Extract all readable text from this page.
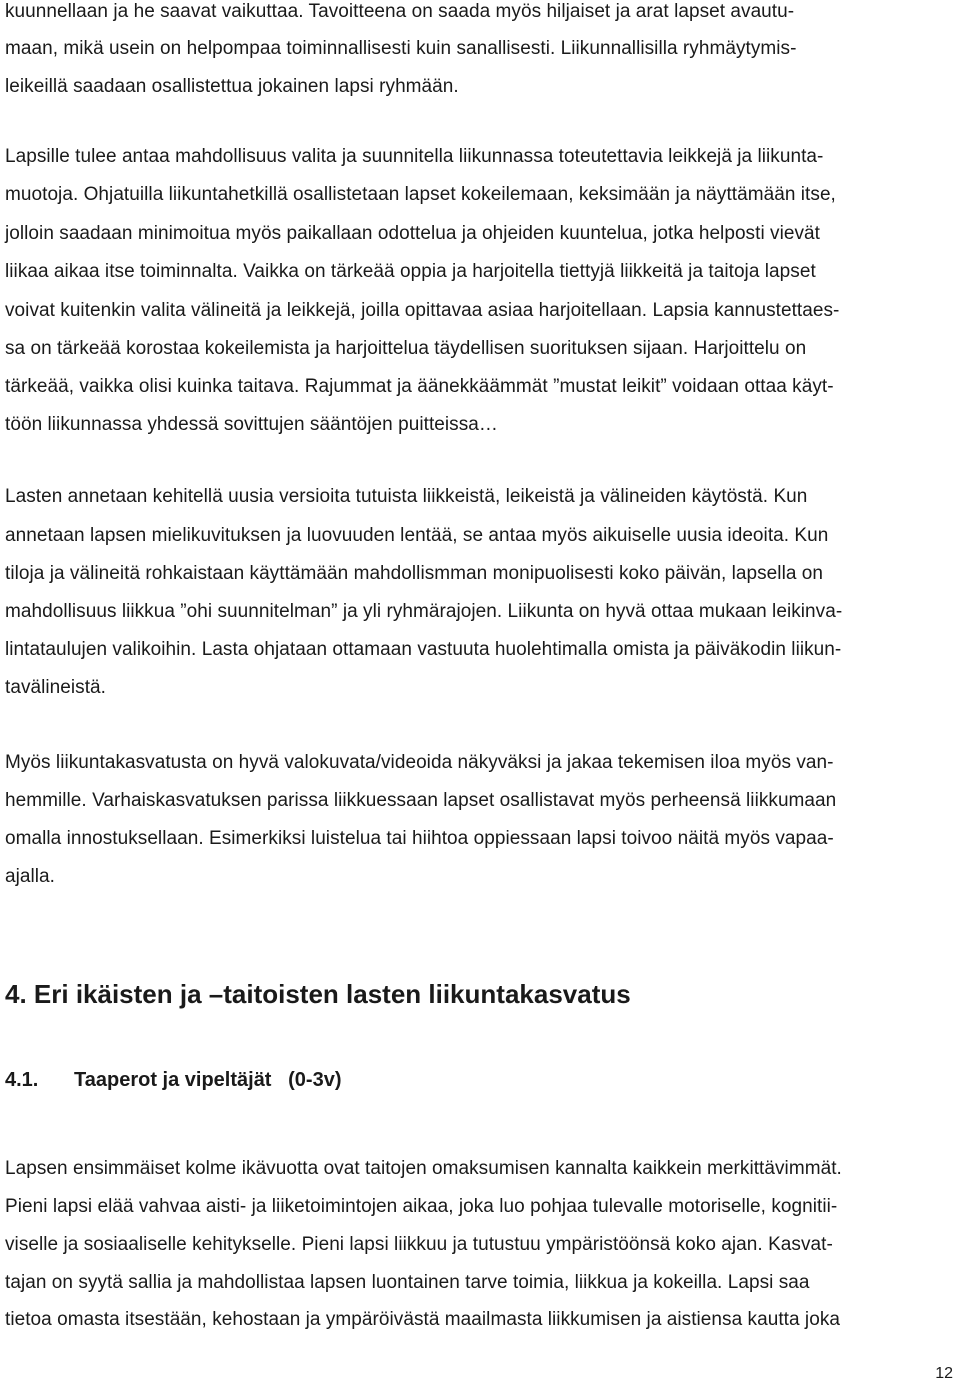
kuunnellaan ja he saavat vaikuttaa. Tavoitteena on saada myös hiljaiset ja arat lapset avautu-
maan, mikä usein on helpompaa toiminnallisesti kuin sanallisesti. Liikunnallisilla ryhmäytymis-
leikeillä saadaan osallistettua jokainen lapsi ryhmään.
Lapsille tulee antaa mahdollisuus valita ja suunnitella liikunnassa toteutettavia leikkejä ja liikunta-
muotoja. Ohjatuilla liikuntahetkillä osallistetaan lapset kokeilemaan, keksimään ja näyttämään itse,
jolloin saadaan minimoitua myös paikallaan odottelua ja ohjeiden kuuntelua, jotka helposti vievät
liikaa aikaa itse toiminnalta. Vaikka on tärkeää oppia ja harjoitella tiettyjä liikkeitä ja taitoja lapset
voivat kuitenkin valita välineitä ja leikkejä, joilla opittavaa asiaa harjoitellaan. Lapsia kannustettaes-
sa on tärkeää korostaa kokeilemista ja harjoittelua täydellisen suorituksen sijaan. Harjoittelu on
tärkeää, vaikka olisi kuinka taitava. Rajummat ja äänekkäämmät ”mustat leikit” voidaan ottaa käyt-
töön liikunnassa yhdessä sovittujen sääntöjen puitteissa…
Lasten annetaan kehitellä uusia versioita tutuista liikkeistä, leikeistä ja välineiden käytöstä. Kun
annetaan lapsen mielikuvituksen ja luovuuden lentää, se antaa myös aikuiselle uusia ideoita. Kun
tiloja ja välineitä rohkaistaan käyttämään mahdollismman monipuolisesti koko päivän, lapsella on
mahdollisuus liikkua ”ohi suunnitelman” ja yli ryhmärajojen. Liikunta on hyvä ottaa mukaan leikinva-
lintataulujen valikoihin. Lasta ohjataan ottamaan vastuuta huolehtimalla omista ja päiväkodin liikun-
tavälineistä.
Myös liikuntakasvatusta on hyvä valokuvata/videoida näkyväksi ja jakaa tekemisen iloa myös van-
hemmille. Varhaiskasvatuksen parissa liikkuessaan lapset osallistavat myös perheensä liikkumaan
omalla innostuksellaan. Esimerkiksi luistelua tai hiihtoa oppiessaan lapsi toivoo näitä myös vapaa-
ajalla.
4. Eri ikäisten ja –taitoisten lasten liikuntakasvatus
4.1. Taaperot ja vipeltäjät   (0-3v)
Lapsen ensimmäiset kolme ikävuotta ovat taitojen omaksumisen kannalta kaikkein merkittävimmät.
Pieni lapsi elää vahvaa aisti- ja liiketoimintojen aikaa, joka luo pohjaa tulevalle motoriselle, kognitii-
viselle ja sosiaaliselle kehitykselle. Pieni lapsi liikkuu ja tutustuu ympäristöönsä koko ajan. Kasvat-
tajan on syytä sallia ja mahdollistaa lapsen luontainen tarve toimia, liikkua ja kokeilla. Lapsi saa
tietoa omasta itsestään, kehostaan ja ympäröivästä maailmasta liikkumisen ja aistiensa kautta joka
12
